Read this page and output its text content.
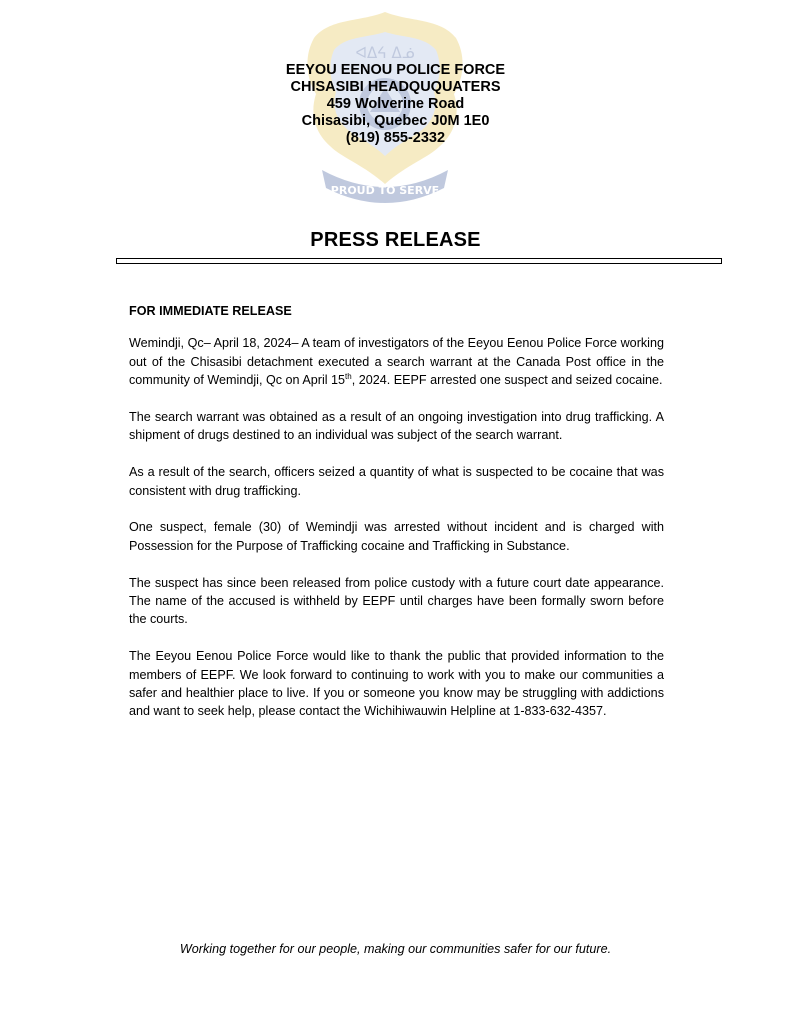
ᐊᐃᔦ ᐃᓅ
PROUD TO SERVE
EEYOU EENOU POLICE FORCE
CHISASIBI HEADQUQUATERS
459 Wolverine Road
Chisasibi, Quebec J0M 1E0
(819) 855-2332
PRESS RELEASE

FOR IMMEDIATE RELEASE

Wemindji, Qc– April 18, 2024– A team of investigators of the Eeyou Eenou Police Force working out of the Chisasibi detachment executed a search warrant at the Canada Post office in the community of Wemindji, Qc on April 15th, 2024. EEPF arrested one suspect and seized cocaine.

The search warrant was obtained as a result of an ongoing investigation into drug trafficking. A shipment of drugs destined to an individual was subject of the search warrant.

As a result of the search, officers seized a quantity of what is suspected to be cocaine that was consistent with drug trafficking.

One suspect, female (30) of Wemindji was arrested without incident and is charged with Possession for the Purpose of Trafficking cocaine and Trafficking in Substance.

The suspect has since been released from police custody with a future court date appearance. The name of the accused is withheld by EEPF until charges have been formally sworn before the courts.

The Eeyou Eenou Police Force would like to thank the public that provided information to the members of EEPF. We look forward to continuing to work with you to make our communities a safer and healthier place to live. If you or someone you know may be struggling with addictions and want to seek help, please contact the Wichihiwauwin Helpline at 1-833-632-4357.

Working together for our people, making our communities safer for our future.
